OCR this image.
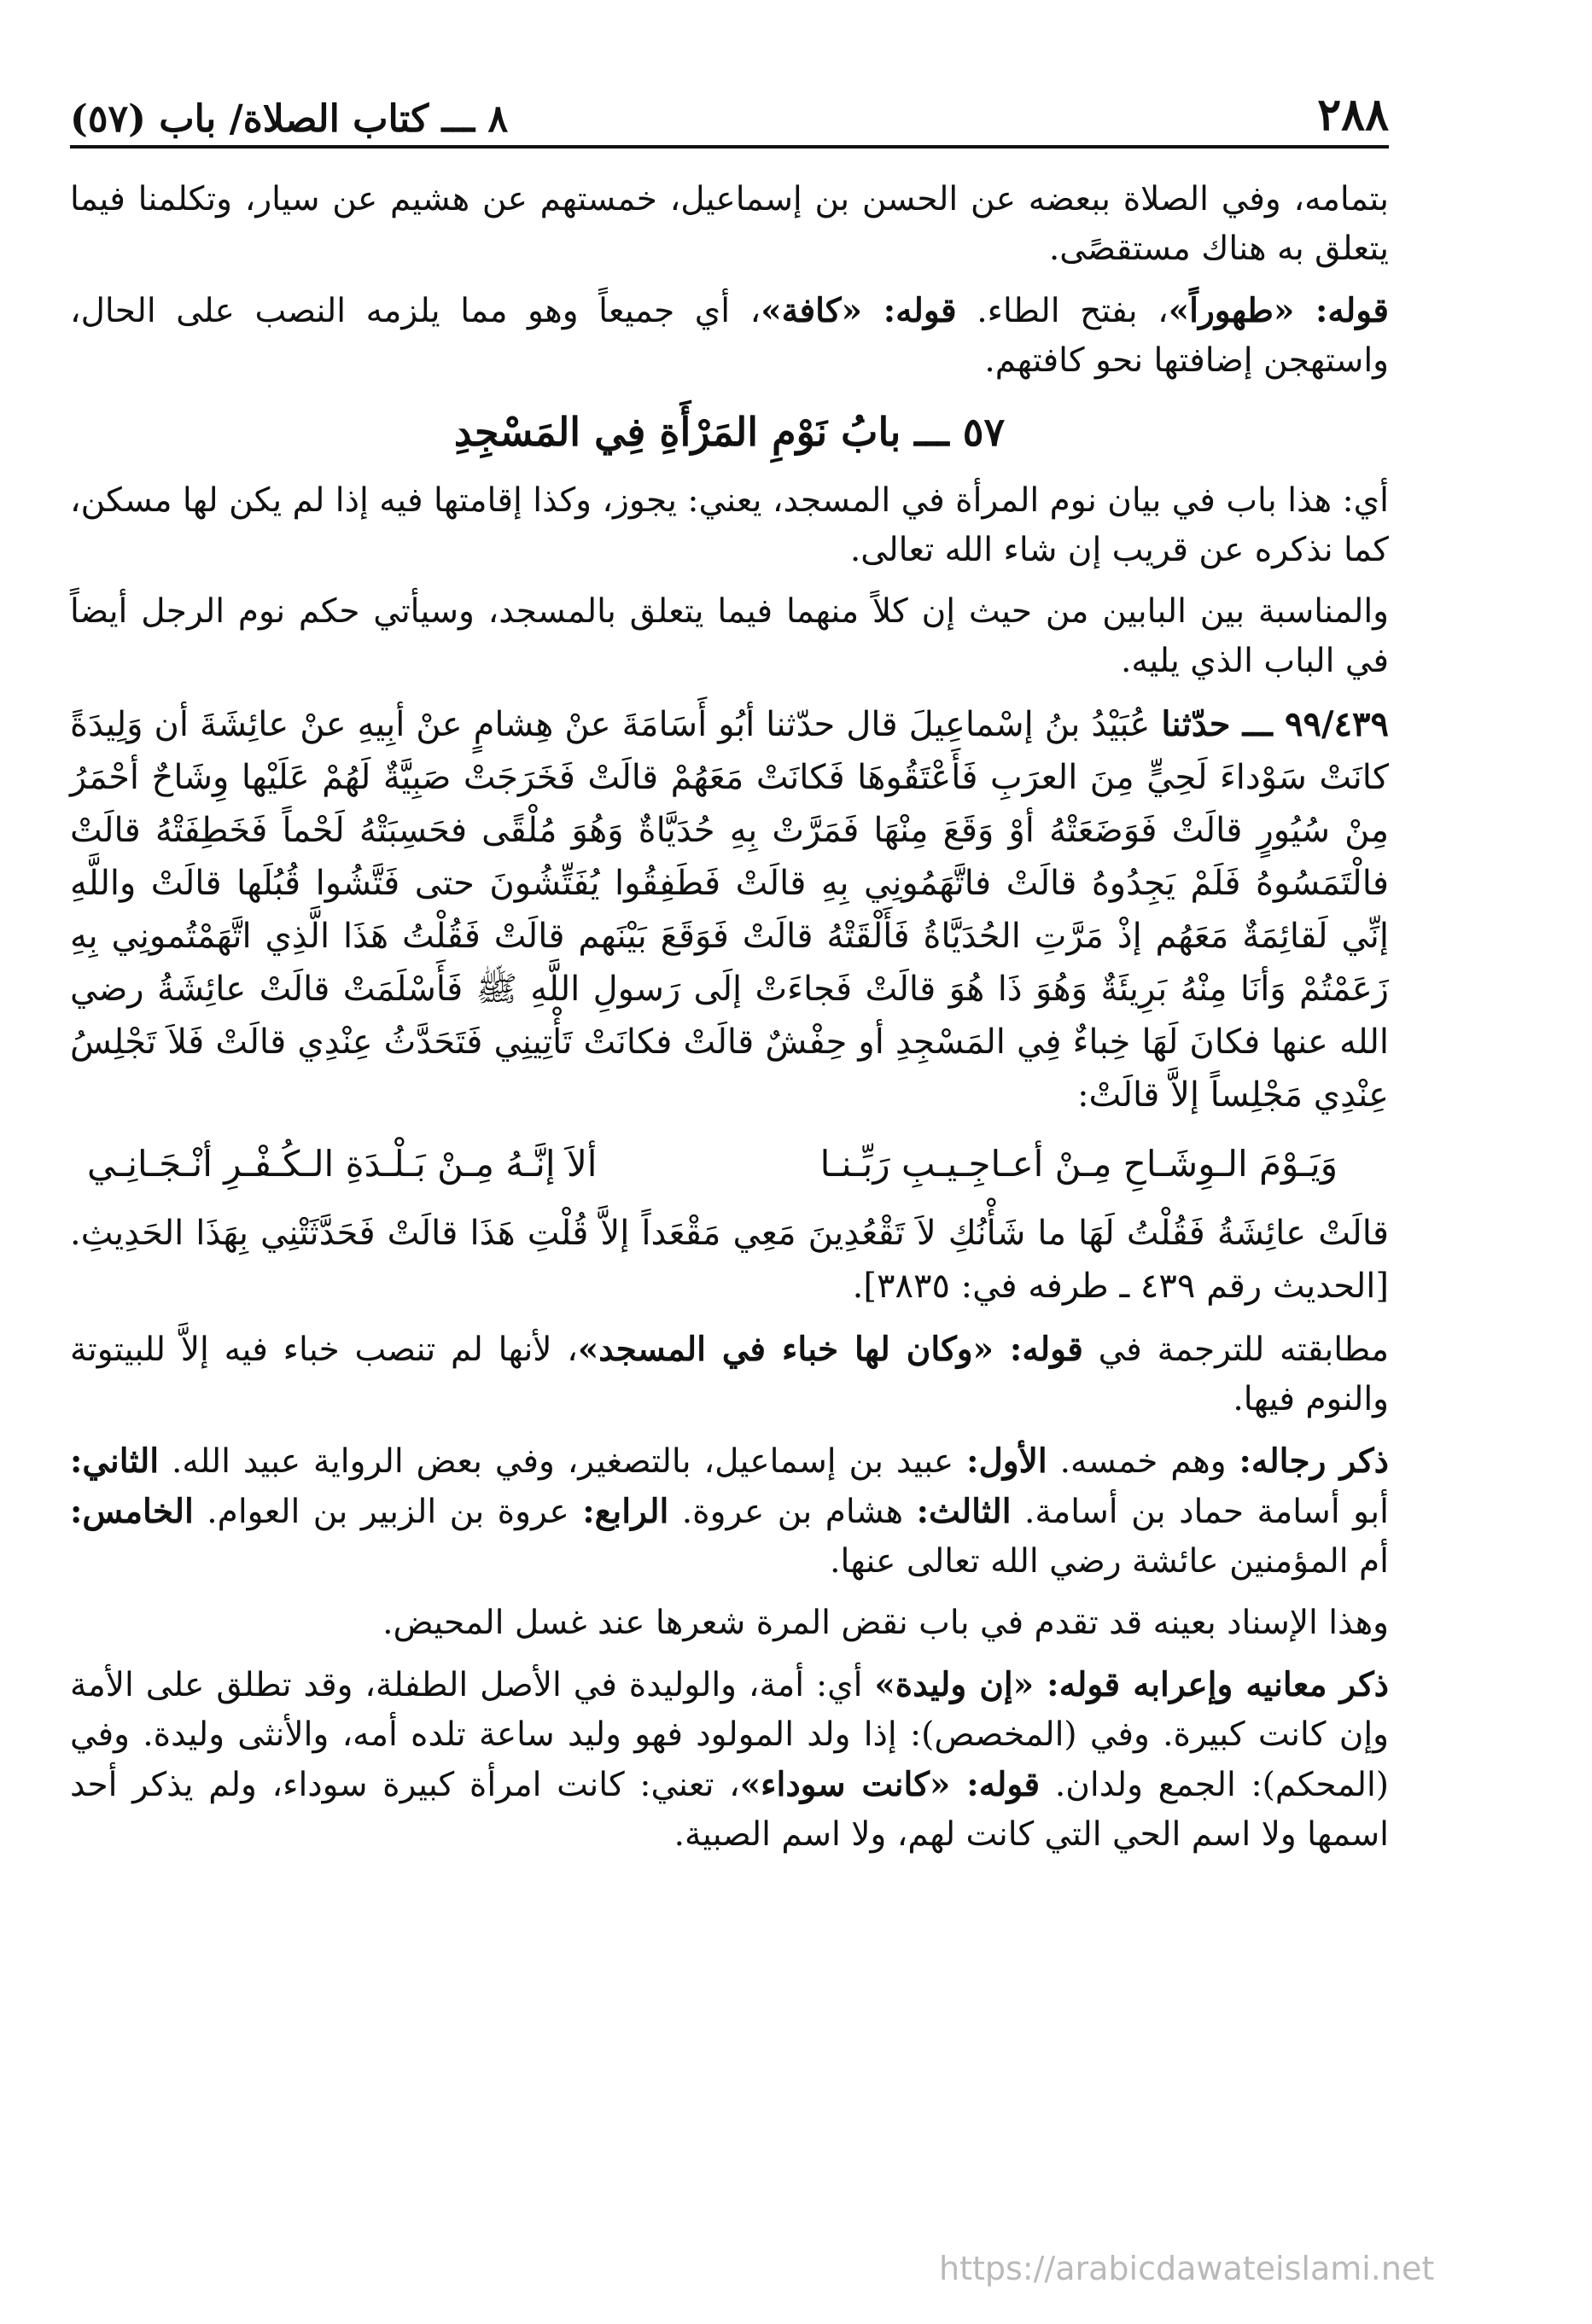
٢٨٨
٨ ـــ كتاب الصلاة/ باب (٥٧)

بتمامه، وفي الصلاة ببعضه عن الحسن بن إسماعيل، خمستهم عن هشيم عن سيار، وتكلمنا فيما يتعلق به هناك مستقصًى.

قوله: «طهوراً»، بفتح الطاء. قوله: «كافة»، أي جميعاً وهو مما يلزمه النصب على الحال، واستهجن إضافتها نحو كافتهم.

٥٧ ـــ بابُ نَوْمِ المَرْأَةِ فِي المَسْجِدِ

أي: هذا باب في بيان نوم المرأة في المسجد، يعني: يجوز، وكذا إقامتها فيه إذا لم يكن لها مسكن، كما نذكره عن قريب إن شاء الله تعالى.

والمناسبة بين البابين من حيث إن كلاً منهما فيما يتعلق بالمسجد، وسيأتي حكم نوم الرجل أيضاً في الباب الذي يليه.

٩٩/٤٣٩ ـــ حدّثنا عُبَيْدُ بنُ إسْماعِيلَ قال حدّثنا أبُو أَسَامَةَ عنْ هِشامٍ عنْ أبِيهِ عنْ عائِشَةَ أن وَلِيدَةً كانَتْ سَوْداءَ لَحِيٍّ مِنَ العرَبِ فَأَعْتَقُوهَا فَكانَتْ مَعَهُمْ قالَتْ فَخَرَجَتْ صَبِيَّةٌ لَهُمْ عَلَيْها وِشَاحٌ أحْمَرُ مِنْ سُيُورٍ قالَتْ فَوَضَعَتْهُ أوْ وَقَعَ مِنْهَا فَمَرَّتْ بِهِ حُدَيَّاةٌ وَهُوَ مُلْقًى فحَسِبَتْهُ لَحْماً فَخَطِفَتْهُ قالَتْ فالْتَمَسُوهُ فَلَمْ يَجِدُوهُ قالَتْ فاتَّهَمُونِي بِهِ قالَتْ فَطَفِقُوا يُفَتِّشُونَ حتى فَتَّشُوا قُبُلَها قالَتْ واللَّهِ إنِّي لَقائِمَةٌ مَعَهُم إذْ مَرَّتِ الحُدَيَّاةُ فَأَلْقَتْهُ قالَتْ فَوَقَعَ بَيْنَهم قالَتْ فَقُلْتُ هَذَا الَّذِي اتَّهَمْتُمونِي بِهِ زَعَمْتُمْ وَأنَا مِنْهُ بَرِيئَةٌ وَهُوَ ذَا هُوَ قالَتْ فَجاءَتْ إلَى رَسولِ اللَّهِ ﷺ فَأَسْلَمَتْ قالَتْ عائِشَةُ رضي الله عنها فكانَ لَهَا خِباءٌ فِي المَسْجِدِ أو حِفْشٌ قالَتْ فكانَتْ تَأْتِينِي فَتَحَدَّثُ عِنْدِي قالَتْ فَلاَ تَجْلِسُ عِنْدِي مَجْلِساً إلاَّ قالَتْ:

وَيَـوْمَ الـوِشَـاحِ مِـنْ أعـاجِـيـبِ رَبِّـنـا
ألاَ إنَّـهُ مِـنْ بَـلْـدَةِ الـكُـفْـرِ أنْـجَـانِـي

قالَتْ عائِشَةُ فَقُلْتُ لَهَا ما شَأْنُكِ لاَ تَقْعُدِينَ مَعِي مَقْعَداً إلاَّ قُلْتِ هَذَا قالَتْ فَحَدَّثَتْنِي بِهَذَا الحَدِيثِ. [الحديث رقم ٤٣٩ ـ طرفه في: ٣٨٣٥].

مطابقته للترجمة في قوله: «وكان لها خباء في المسجد»، لأنها لم تنصب خباء فيه إلاَّ للبيتوتة والنوم فيها.

ذكر رجاله: وهم خمسه. الأول: عبيد بن إسماعيل، بالتصغير، وفي بعض الرواية عبيد الله. الثاني: أبو أسامة حماد بن أسامة. الثالث: هشام بن عروة. الرابع: عروة بن الزبير بن العوام. الخامس: أم المؤمنين عائشة رضي الله تعالى عنها.

وهذا الإسناد بعينه قد تقدم في باب نقض المرة شعرها عند غسل المحيض.

ذكر معانيه وإعرابه قوله: «إن وليدة» أي: أمة، والوليدة في الأصل الطفلة، وقد تطلق على الأمة وإن كانت كبيرة. وفي (المخصص): إذا ولد المولود فهو وليد ساعة تلده أمه، والأنثى وليدة. وفي (المحكم): الجمع ولدان. قوله: «كانت سوداء»، تعني: كانت امرأة كبيرة سوداء، ولم يذكر أحد اسمها ولا اسم الحي التي كانت لهم، ولا اسم الصبية.

https://arabicdawateislami.net
